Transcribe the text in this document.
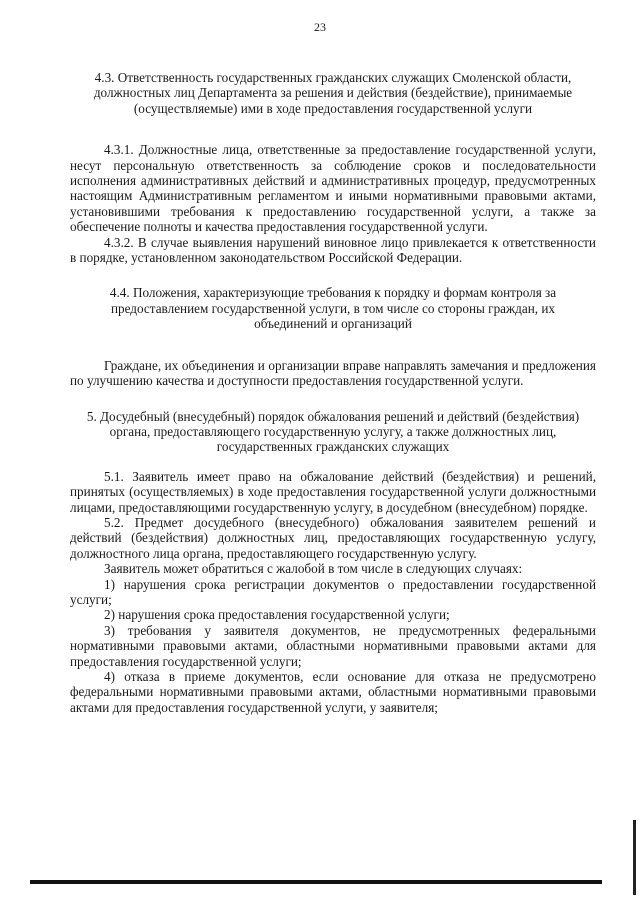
23

4.3. Ответственность государственных гражданских служащих Смоленской области, должностных лиц Департамента за решения и действия (бездействие), принимаемые (осуществляемые) ими в ходе предоставления государственной услуги

4.3.1. Должностные лица, ответственные за предоставление государственной услуги, несут персональную ответственность за соблюдение сроков и последовательности исполнения административных действий и административных процедур, предусмотренных настоящим Административным регламентом и иными нормативными правовыми актами, установившими требования к предоставлению государственной услуги, а также за обеспечение полноты и качества предоставления государственной услуги.

4.3.2. В случае выявления нарушений виновное лицо привлекается к ответственности в порядке, установленном законодательством Российской Федерации.

4.4. Положения, характеризующие требования к порядку и формам контроля за предоставлением государственной услуги, в том числе со стороны граждан, их объединений и организаций

Граждане, их объединения и организации вправе направлять замечания и предложения по улучшению качества и доступности предоставления государственной услуги.

5. Досудебный (внесудебный) порядок обжалования решений и действий (бездействия) органа, предоставляющего государственную услугу, а также должностных лиц, государственных гражданских служащих

5.1. Заявитель имеет право на обжалование действий (бездействия) и решений, принятых (осуществляемых) в ходе предоставления государственной услуги должностными лицами, предоставляющими государственную услугу, в досудебном (внесудебном) порядке.

5.2. Предмет досудебного (внесудебного) обжалования заявителем решений и действий (бездействия) должностных лиц, предоставляющих государственную услугу, должностного лица органа, предоставляющего государственную услугу.

Заявитель может обратиться с жалобой в том числе в следующих случаях:

1) нарушения срока регистрации документов о предоставлении государственной услуги;

2) нарушения срока предоставления государственной услуги;

3) требования у заявителя документов, не предусмотренных федеральными нормативными правовыми актами, областными нормативными правовыми актами для предоставления государственной услуги;

4) отказа в приеме документов, если основание для отказа не предусмотрено федеральными нормативными правовыми актами, областными нормативными правовыми актами для предоставления государственной услуги, у заявителя;
